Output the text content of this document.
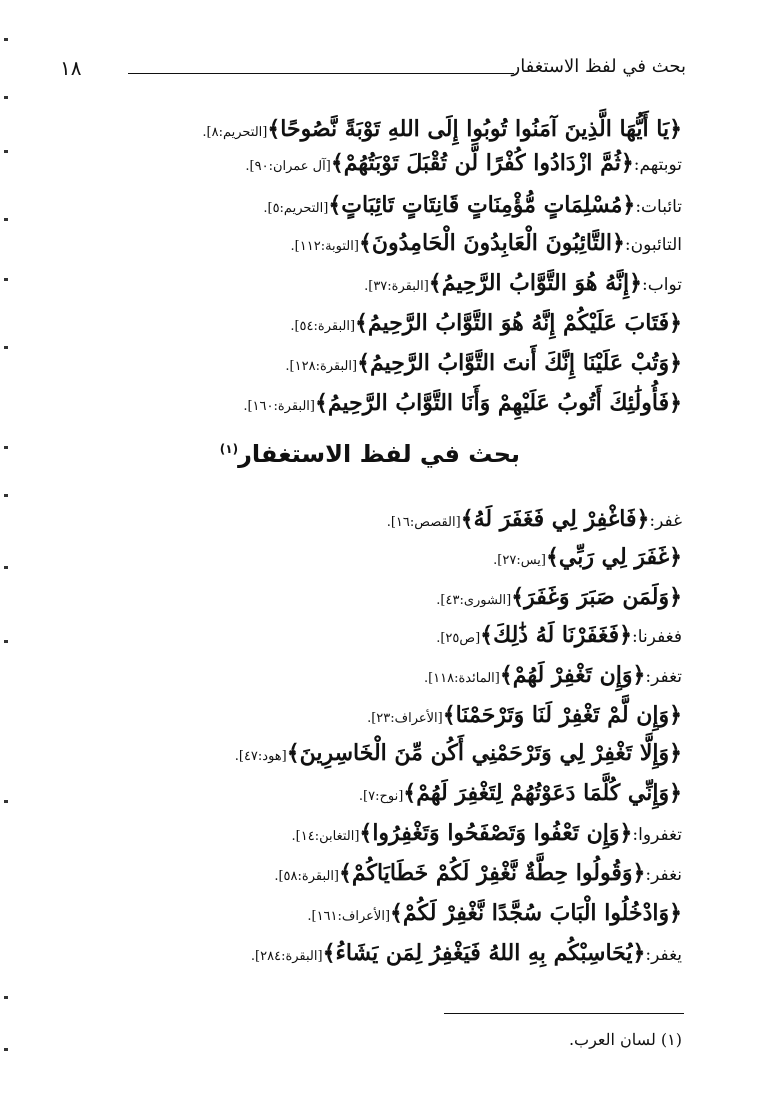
١٨	بحث في لفظ الاستغفار
﴿يَا أَيُّهَا الَّذِينَ آمَنُوا تُوبُوا إِلَى اللهِ تَوْبَةً نَّصُوحًا﴾[التحريم:٨].
توبتهم:﴿ثُمَّ ازْدَادُوا كُفْرًا لَّن تُقْبَلَ تَوْبَتُهُمْ﴾[آل عمران:٩٠].
تائبات:﴿مُسْلِمَاتٍ مُّؤْمِنَاتٍ قَانِتَاتٍ تَائِبَاتٍ﴾[التحريم:٥].
التائبون:﴿التَّائِبُونَ الْعَابِدُونَ الْحَامِدُونَ﴾[التوبة:١١٢].
تواب:﴿إِنَّهُ هُوَ التَّوَّابُ الرَّحِيمُ﴾[البقرة:٣٧].
﴿فَتَابَ عَلَيْكُمْ إِنَّهُ هُوَ التَّوَّابُ الرَّحِيمُ﴾[البقرة:٥٤].
﴿وَتُبْ عَلَيْنَا إِنَّكَ أَنتَ التَّوَّابُ الرَّحِيمُ﴾[البقرة:١٢٨].
﴿فَأُولَٰئِكَ أَتُوبُ عَلَيْهِمْ وَأَنَا التَّوَّابُ الرَّحِيمُ﴾[البقرة:١٦٠].
بحث في لفظ الاستغفار$^{(١)}$
غفر:﴿فَاغْفِرْ لِي فَغَفَرَ لَهُ﴾[القصص:١٦].
﴿غَفَرَ لِي رَبِّي﴾[يس:٢٧].
﴿وَلَمَن صَبَرَ وَغَفَرَ﴾[الشورى:٤٣].
فغفرنا:﴿فَغَفَرْنَا لَهُ ذَٰلِكَ﴾[ص٢٥].
تغفر:﴿وَإِن تَغْفِرْ لَهُمْ﴾[المائدة:١١٨].
﴿وَإِن لَّمْ تَغْفِرْ لَنَا وَتَرْحَمْنَا﴾[الأعراف:٢٣].
﴿وَإِلَّا تَغْفِرْ لِي وَتَرْحَمْنِي أَكُن مِّنَ الْخَاسِرِينَ﴾[هود:٤٧].
﴿وَإِنِّي كُلَّمَا دَعَوْتُهُمْ لِتَغْفِرَ لَهُمْ﴾[نوح:٧].
تغفروا:﴿وَإِن تَعْفُوا وَتَصْفَحُوا وَتَغْفِرُوا﴾[التغابن:١٤].
نغفر:﴿وَقُولُوا حِطَّةٌ نَّغْفِرْ لَكُمْ خَطَايَاكُمْ﴾[البقرة:٥٨].
﴿وَادْخُلُوا الْبَابَ سُجَّدًا نَّغْفِرْ لَكُمْ﴾[الأعراف:١٦١].
يغفر:﴿يُحَاسِبْكُم بِهِ اللهُ فَيَغْفِرُ لِمَن يَشَاءُ﴾[البقرة:٢٨٤].
(١) لسان العرب.
